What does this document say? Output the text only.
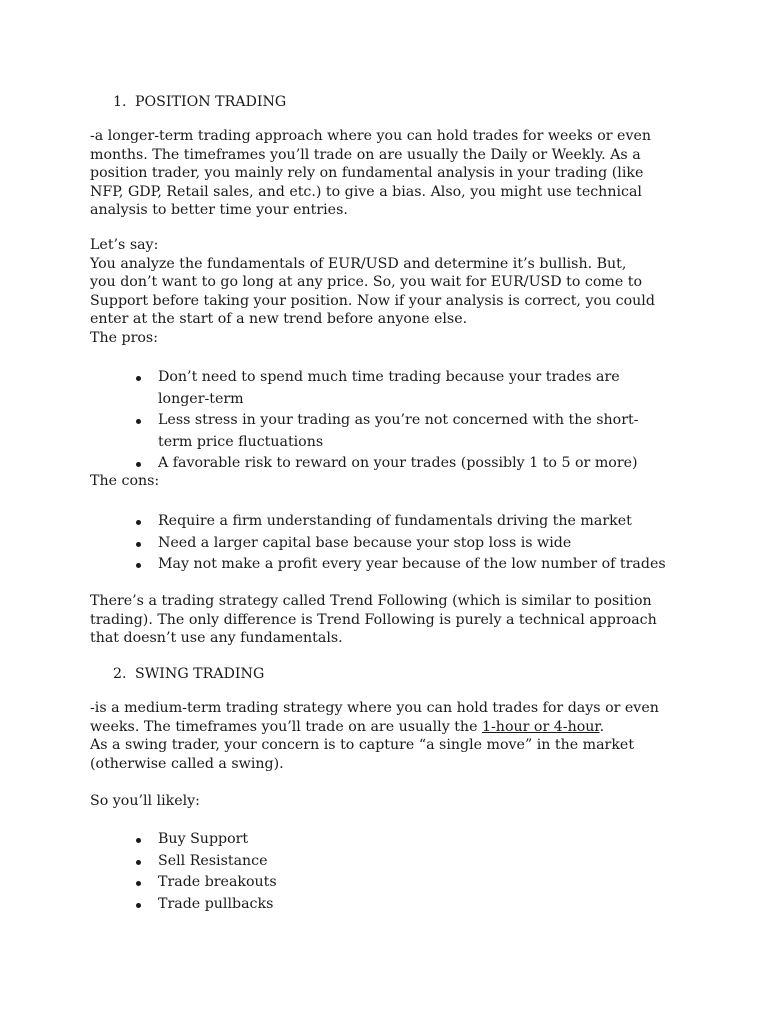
1. POSITION TRADING

-a longer-term trading approach where you can hold trades for weeks or even
months. The timeframes you’ll trade on are usually the Daily or Weekly. As a
position trader, you mainly rely on fundamental analysis in your trading (like
NFP, GDP, Retail sales, and etc.) to give a bias. Also, you might use technical
analysis to better time your entries.

Let’s say:
You analyze the fundamentals of EUR/USD and determine it’s bullish. But,
you don’t want to go long at any price. So, you wait for EUR/USD to come to
Support before taking your position. Now if your analysis is correct, you could
enter at the start of a new trend before anyone else.
The pros:

Don’t need to spend much time trading because your trades are
longer-term
Less stress in your trading as you’re not concerned with the short-
term price fluctuations
A favorable risk to reward on your trades (possibly 1 to 5 or more)

The cons:

Require a firm understanding of fundamentals driving the market
Need a larger capital base because your stop loss is wide
May not make a profit every year because of the low number of trades

There’s a trading strategy called Trend Following (which is similar to position
trading). The only difference is Trend Following is purely a technical approach
that doesn’t use any fundamentals.

2. SWING TRADING

-is a medium-term trading strategy where you can hold trades for days or even
weeks. The timeframes you’ll trade on are usually the 1-hour or 4-hour.
As a swing trader, your concern is to capture “a single move” in the market
(otherwise called a swing).

So you’ll likely:

Buy Support
Sell Resistance
Trade breakouts
Trade pullbacks
